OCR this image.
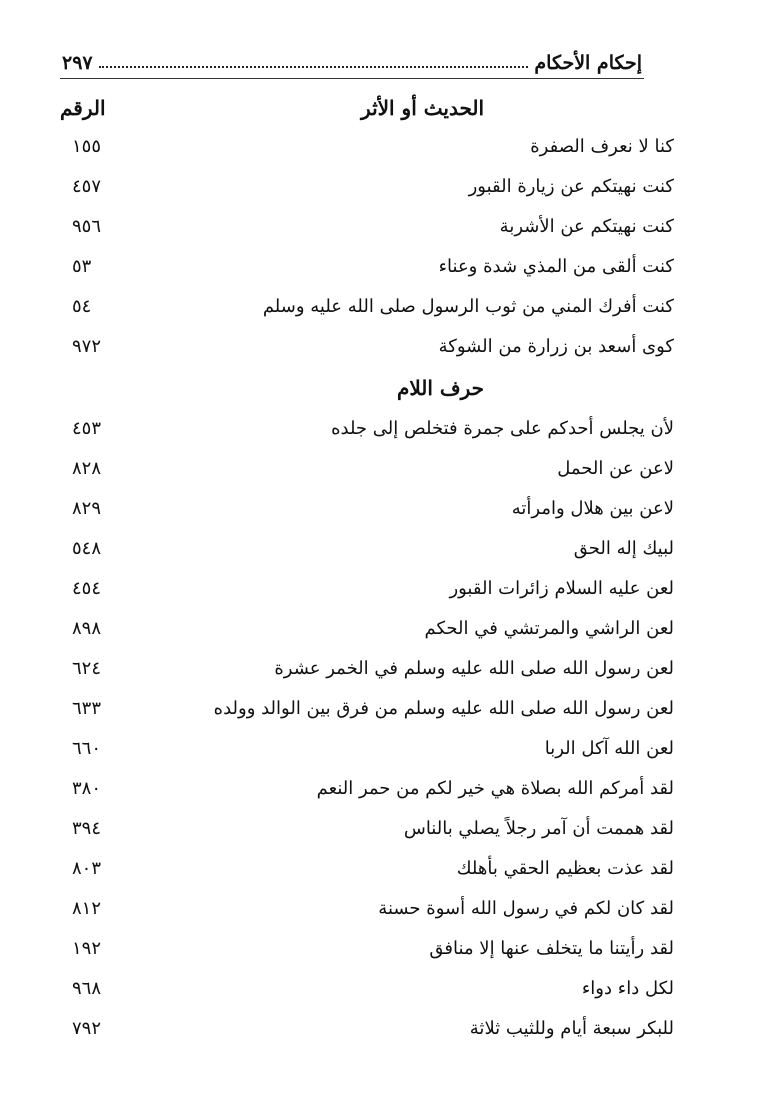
إحكام الأحكام
٢٩٧
الحديث أو الأثر
الرقم
كنا لا نعرف الصفرة
١٥٥
كنت نهيتكم عن زيارة القبور
٤٥٧
كنت نهيتكم عن الأشربة
٩٥٦
كنت ألقى من المذي شدة وعناء
٥٣
كنت أفرك المني من ثوب الرسول صلى الله عليه وسلم
٥٤
كوى أسعد بن زرارة من الشوكة
٩٧٢
حرف اللام
لأن يجلس أحدكم على جمرة فتخلص إلى جلده
٤٥٣
لاعن عن الحمل
٨٢٨
لاعن بين هلال وامرأته
٨٢٩
لبيك إله الحق
٥٤٨
لعن عليه السلام زائرات القبور
٤٥٤
لعن الراشي والمرتشي في الحكم
٨٩٨
لعن رسول الله صلى الله عليه وسلم في الخمر عشرة
٦٢٤
لعن رسول الله صلى الله عليه وسلم من فرق بين الوالد وولده
٦٣٣
لعن الله آكل الربا
٦٦٠
لقد أمركم الله بصلاة هي خير لكم من حمر النعم
٣٨٠
لقد هممت أن آمر رجلاً يصلي بالناس
٣٩٤
لقد عذت بعظيم الحقي بأهلك
٨٠٣
لقد كان لكم في رسول الله أسوة حسنة
٨١٢
لقد رأيتنا ما يتخلف عنها إلا منافق
١٩٢
لكل داء دواء
٩٦٨
للبكر سبعة أيام وللثيب ثلاثة
٧٩٢
